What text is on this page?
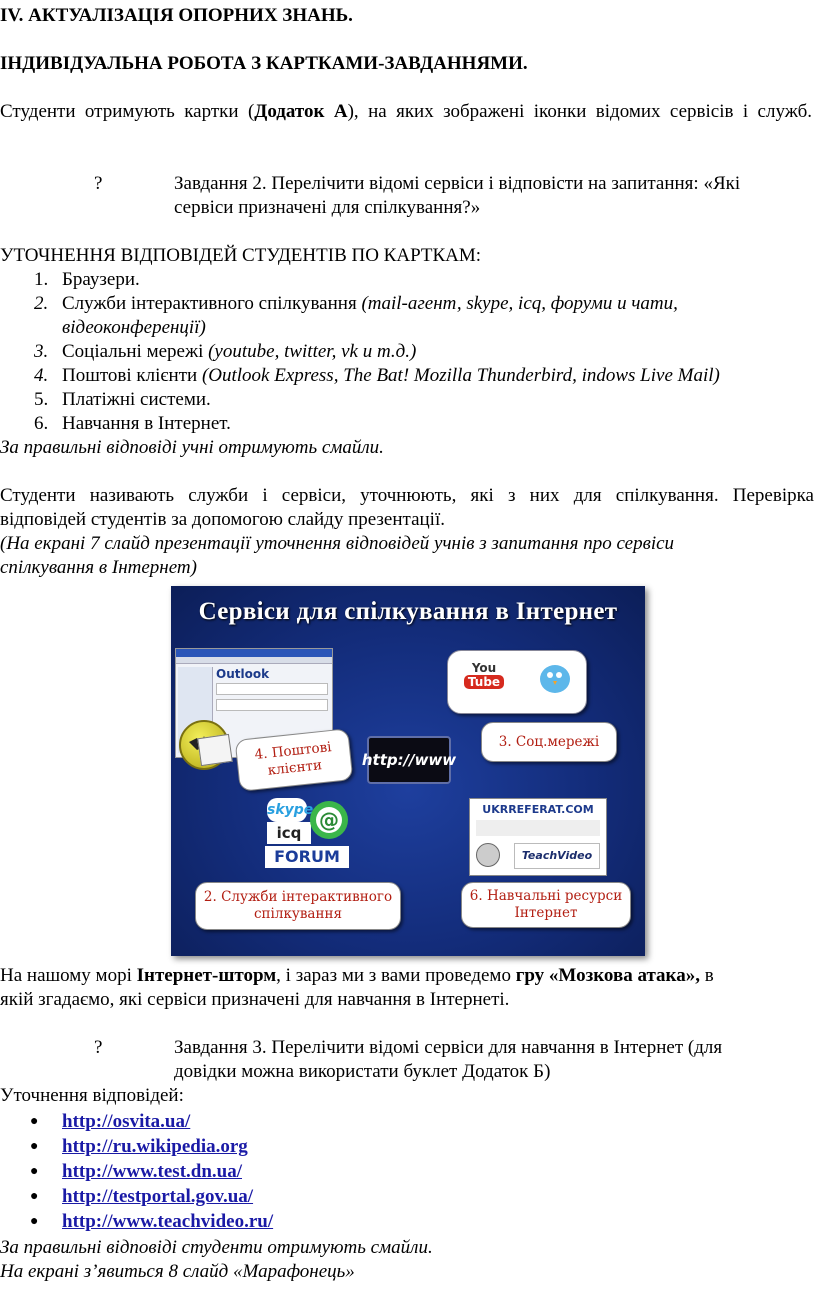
IV. АКТУАЛІЗАЦІЯ ОПОРНИХ ЗНАНЬ.
ІНДИВІДУАЛЬНА РОБОТА З КАРТКАМИ-ЗАВДАННЯМИ.
Студенти отримують картки (Додаток А), на яких зображені іконки відомих сервісів і служб.
?	Завдання 2. Перелічити відомі сервіси і відповісти на запитання: «Які
сервіси призначені для спілкування?»
УТОЧНЕННЯ ВІДПОВІДЕЙ СТУДЕНТІВ ПО КАРТКАМ:
1. Браузери.
2. Служби інтерактивного спілкування (mail-агент, skype, icq, форуми и чати,
відеоконференції)
3. Соціальні мережі (youtube, twitter, vk и т.д.)
4. Поштові клієнти (Outlook Express, The Bat! Mozilla Thunderbird, indows Live Mail)
5. Платіжні системи.
6. Навчання в Інтернет.
За правильні відповіді учні отримують смайли.
Студенти називають служби і сервіси, уточнюють, які з них для спілкування. Перевірка
відповідей студентів за допомогою слайду презентації.
(На екрані 7 слайд презентації уточнення відповідей учнів з запитання про сервіси
спілкування в Інтернет)
Сервіси для спілкування в Інтернет
Outlook
4. Поштові
клієнти	http://www
You
Tube
3. Соц.мережі
skype
icq
@
FORUM
2. Служби інтерактивного
спілкування
UKRREFERAT.COM
TeachVideo
6. Навчальні ресурси
Інтернет
На нашому морі Інтернет-шторм, і зараз ми з вами проведемо гру «Мозкова атака», в
якій згадаємо, які сервіси призначені для навчання в Інтернеті.
?	Завдання 3. Перелічити відомі сервіси для навчання в Інтернет (для
довідки можна використати буклет Додаток Б)
Уточнення відповідей:
● http://osvita.ua/
● http://ru.wikipedia.org
● http://www.test.dn.ua/
● http://testportal.gov.ua/
● http://www.teachvideo.ru/
За правильні відповіді студенти отримують смайли.
На екрані з’явиться 8 слайд «Марафонець»
